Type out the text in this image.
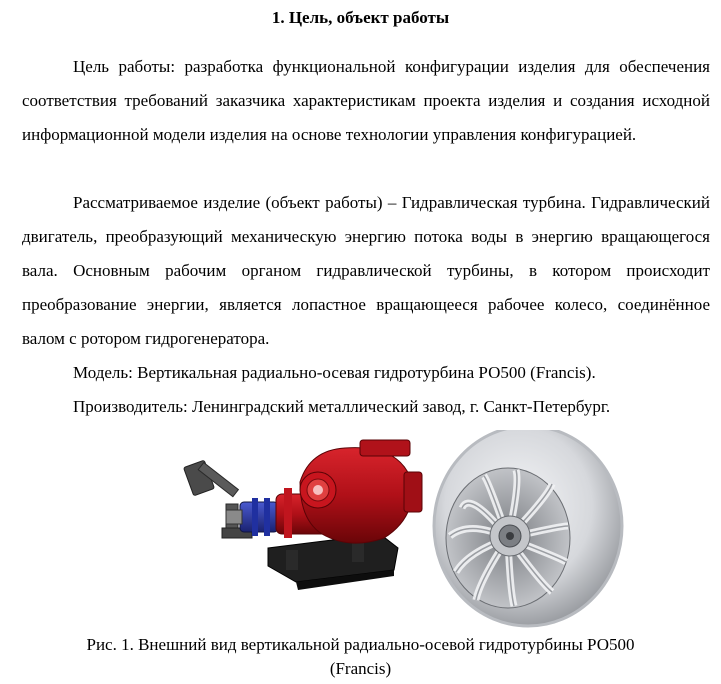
1. Цель, объект работы

Цель работы: разработка функциональной конфигурации изделия для обеспечения соответствия требований заказчика характеристикам проекта изделия и создания исходной информационной модели изделия на основе технологии управления конфигурацией.

Рассматриваемое изделие (объект работы) – Гидравлическая турбина. Гидравлический двигатель, преобразующий механическую энергию потока воды в энергию вращающегося вала. Основным рабочим органом гидравлической турбины, в котором происходит преобразование энергии, является лопастное вращающееся рабочее колесо, соединённое валом с ротором гидрогенератора.

Модель: Вертикальная радиально-осевая гидротурбина РО500 (Francis).

Производитель: Ленинградский металлический завод, г. Санкт-Петербург.

Рис. 1. Внешний вид вертикальной радиально-осевой гидротурбины РО500
(Francis)
